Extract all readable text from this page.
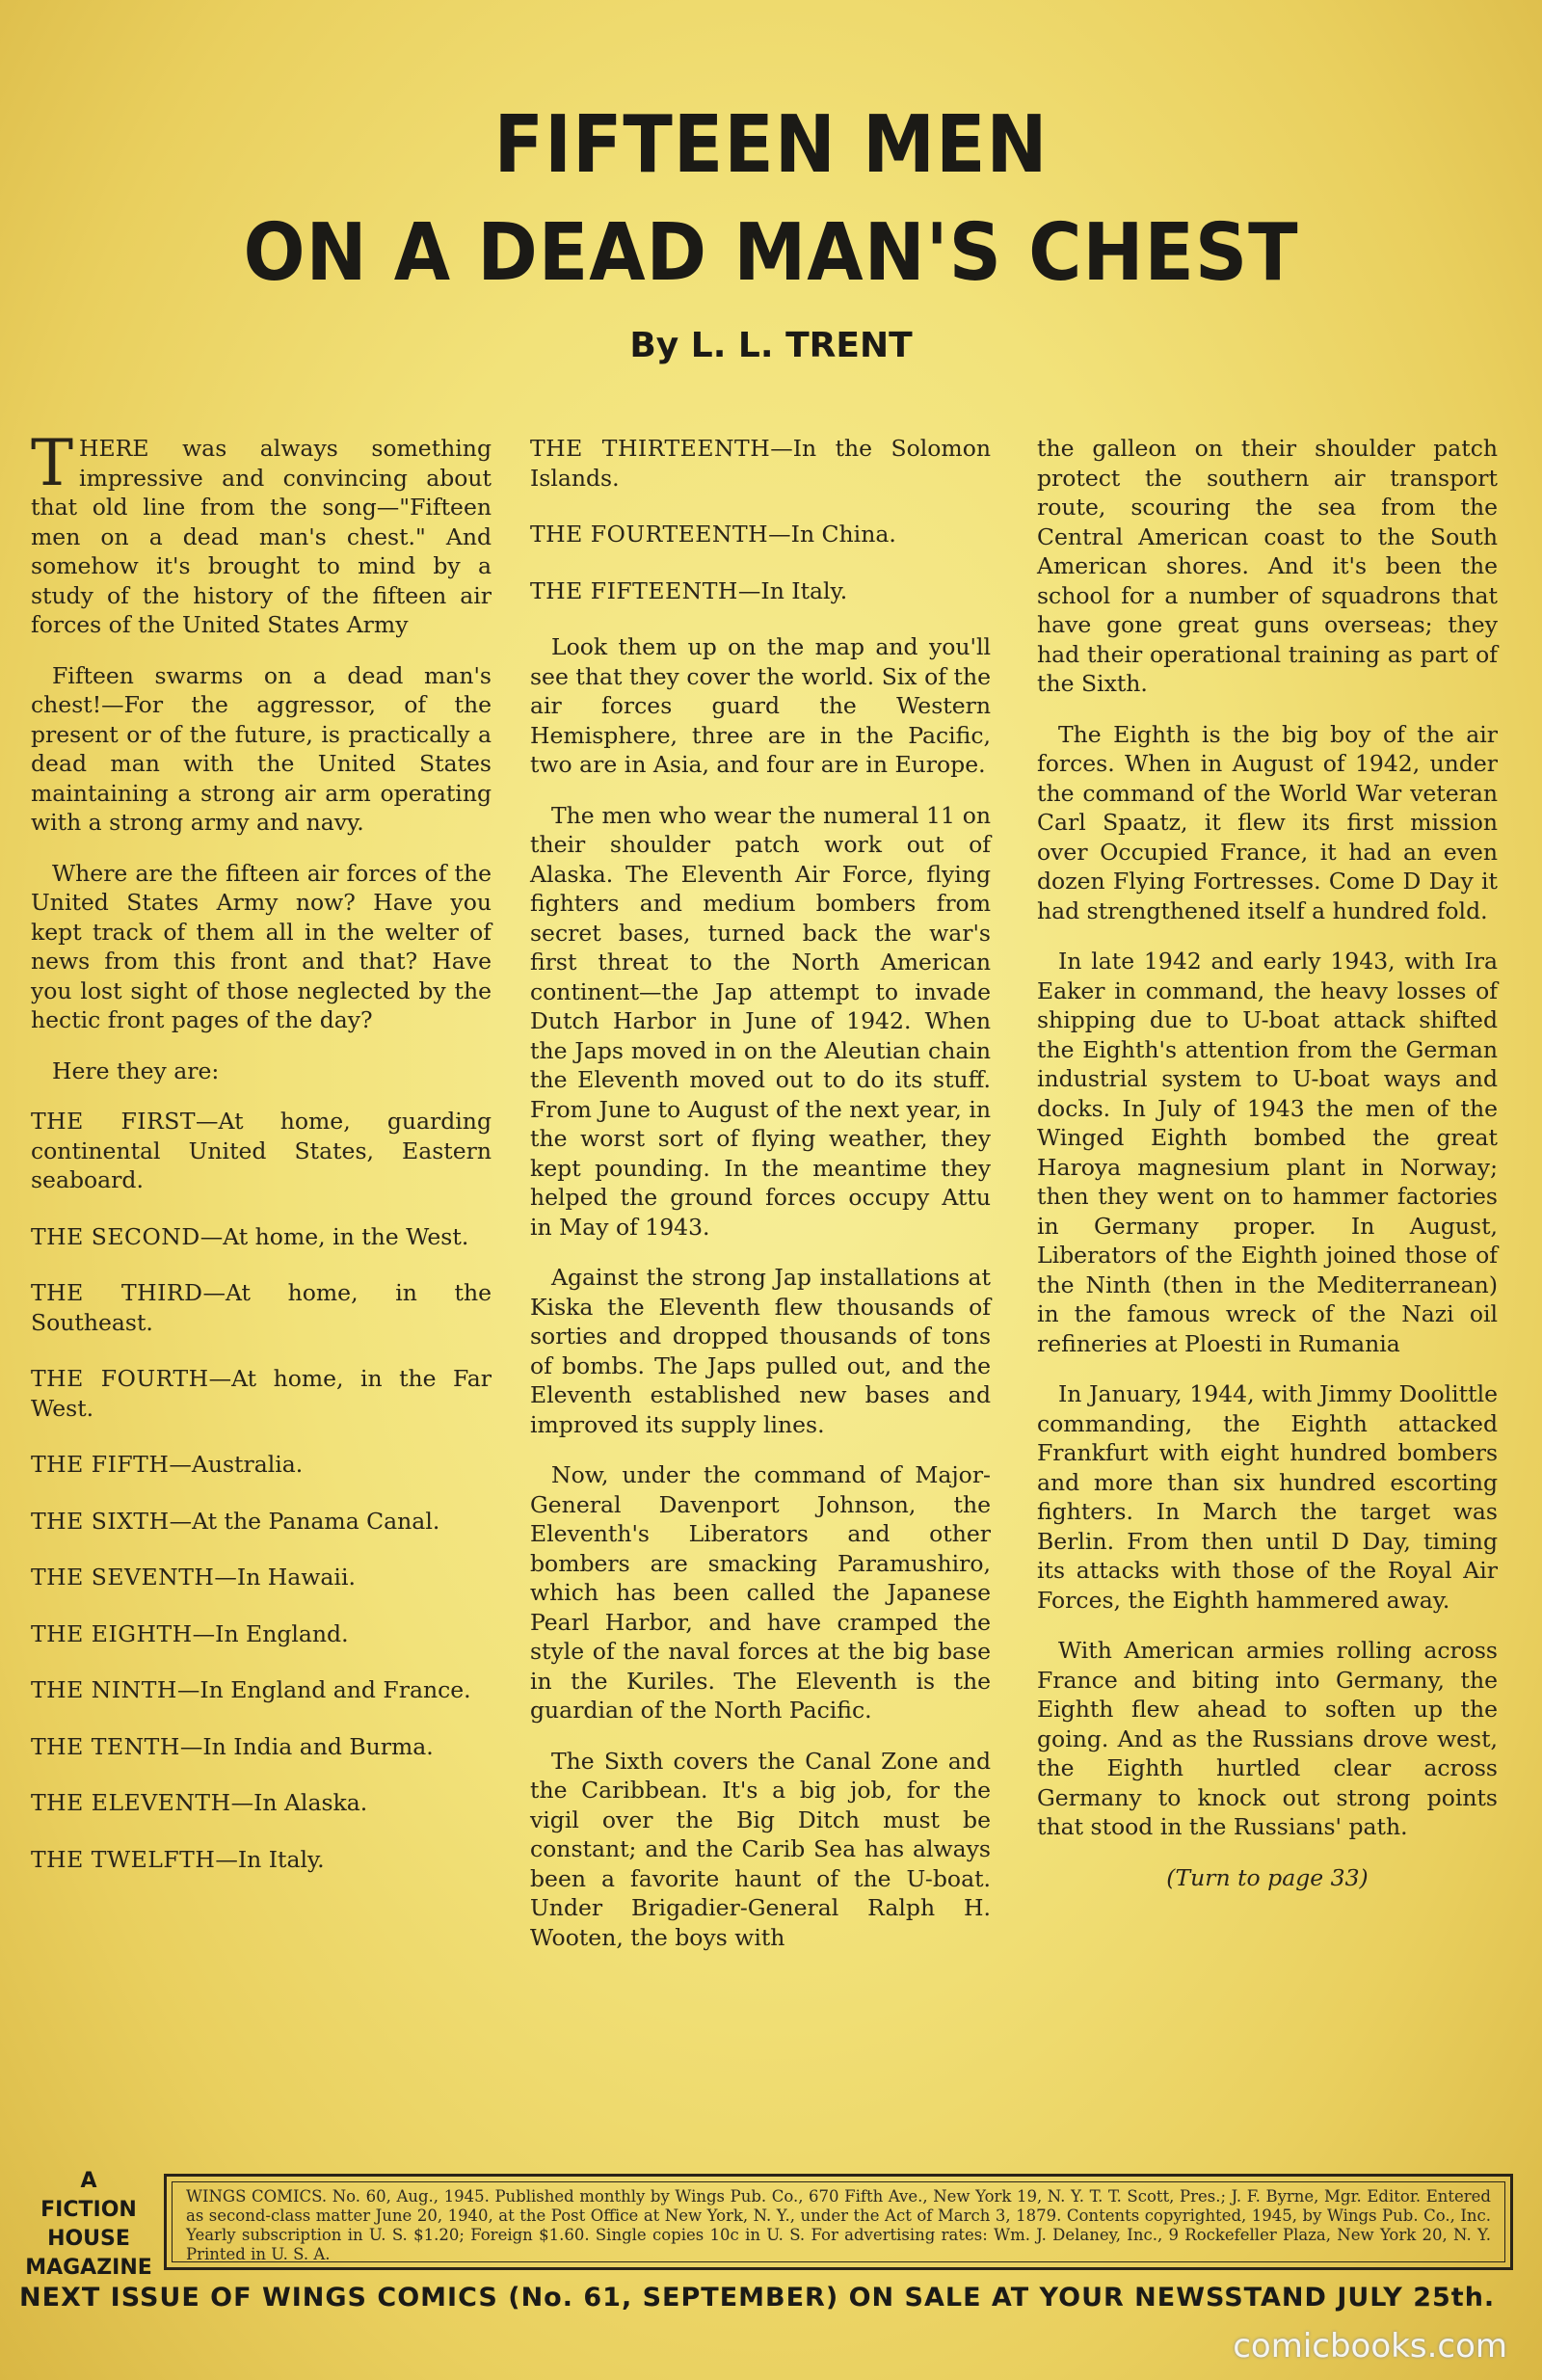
FIFTEEN MEN
ON A DEAD MAN'S CHEST
By L. L. TRENT

THERE was always something impressive and convincing about that old line from the song—"Fifteen men on a dead man's chest." And somehow it's brought to mind by a study of the history of the fifteen air forces of the United States Army

Fifteen swarms on a dead man's chest!—For the aggressor, of the present or of the future, is practically a dead man with the United States maintaining a strong air arm operating with a strong army and navy.

Where are the fifteen air forces of the United States Army now? Have you kept track of them all in the welter of news from this front and that? Have you lost sight of those neglected by the hectic front pages of the day?

Here they are:

THE FIRST—At home, guarding continental United States, Eastern seaboard.

THE SECOND—At home, in the West.

THE THIRD—At home, in the Southeast.

THE FOURTH—At home, in the Far West.

THE FIFTH—Australia.

THE SIXTH—At the Panama Canal.

THE SEVENTH—In Hawaii.

THE EIGHTH—In England.

THE NINTH—In England and France.

THE TENTH—In India and Burma.

THE ELEVENTH—In Alaska.

THE TWELFTH—In Italy.

THE THIRTEENTH—In the Solomon Islands.

THE FOURTEENTH—In China.

THE FIFTEENTH—In Italy.

Look them up on the map and you'll see that they cover the world. Six of the air forces guard the Western Hemisphere, three are in the Pacific, two are in Asia, and four are in Europe.

The men who wear the numeral 11 on their shoulder patch work out of Alaska. The Eleventh Air Force, flying fighters and medium bombers from secret bases, turned back the war's first threat to the North American continent—the Jap attempt to invade Dutch Harbor in June of 1942. When the Japs moved in on the Aleutian chain the Eleventh moved out to do its stuff. From June to August of the next year, in the worst sort of flying weather, they kept pounding. In the meantime they helped the ground forces occupy Attu in May of 1943.

Against the strong Jap installations at Kiska the Eleventh flew thousands of sorties and dropped thousands of tons of bombs. The Japs pulled out, and the Eleventh established new bases and improved its supply lines.

Now, under the command of Major-General Davenport Johnson, the Eleventh's Liberators and other bombers are smacking Paramushiro, which has been called the Japanese Pearl Harbor, and have cramped the style of the naval forces at the big base in the Kuriles. The Eleventh is the guardian of the North Pacific.

The Sixth covers the Canal Zone and the Caribbean. It's a big job, for the vigil over the Big Ditch must be constant; and the Carib Sea has always been a favorite haunt of the U-boat. Under Brigadier-General Ralph H. Wooten, the boys with

the galleon on their shoulder patch protect the southern air transport route, scouring the sea from the Central American coast to the South American shores. And it's been the school for a number of squadrons that have gone great guns overseas; they had their operational training as part of the Sixth.

The Eighth is the big boy of the air forces. When in August of 1942, under the command of the World War veteran Carl Spaatz, it flew its first mission over Occupied France, it had an even dozen Flying Fortresses. Come D Day it had strengthened itself a hundred fold.

In late 1942 and early 1943, with Ira Eaker in command, the heavy losses of shipping due to U-boat attack shifted the Eighth's attention from the German industrial system to U-boat ways and docks. In July of 1943 the men of the Winged Eighth bombed the great Haroya magnesium plant in Norway; then they went on to hammer factories in Germany proper. In August, Liberators of the Eighth joined those of the Ninth (then in the Mediterranean) in the famous wreck of the Nazi oil refineries at Ploesti in Rumania

In January, 1944, with Jimmy Doolittle commanding, the Eighth attacked Frankfurt with eight hundred bombers and more than six hundred escorting fighters. In March the target was Berlin. From then until D Day, timing its attacks with those of the Royal Air Forces, the Eighth hammered away.

With American armies rolling across France and biting into Germany, the Eighth flew ahead to soften up the going. And as the Russians drove west, the Eighth hurtled clear across Germany to knock out strong points that stood in the Russians' path.

(Turn to page 33)

A
FICTION
HOUSE
MAGAZINE
WINGS COMICS. No. 60, Aug., 1945. Published monthly by Wings Pub. Co., 670 Fifth Ave., New York 19, N. Y. T. T. Scott, Pres.; J. F. Byrne, Mgr. Editor. Entered as second-class matter June 20, 1940, at the Post Office at New York, N. Y., under the Act of March 3, 1879. Contents copyrighted, 1945, by Wings Pub. Co., Inc. Yearly subscription in U. S. $1.20; Foreign $1.60. Single copies 10c in U. S. For advertising rates: Wm. J. Delaney, Inc., 9 Rockefeller Plaza, New York 20, N. Y. Printed in U. S. A.
NEXT ISSUE OF WINGS COMICS (No. 61, SEPTEMBER) ON SALE AT YOUR NEWSSTAND JULY 25th.
comicbooks.com
